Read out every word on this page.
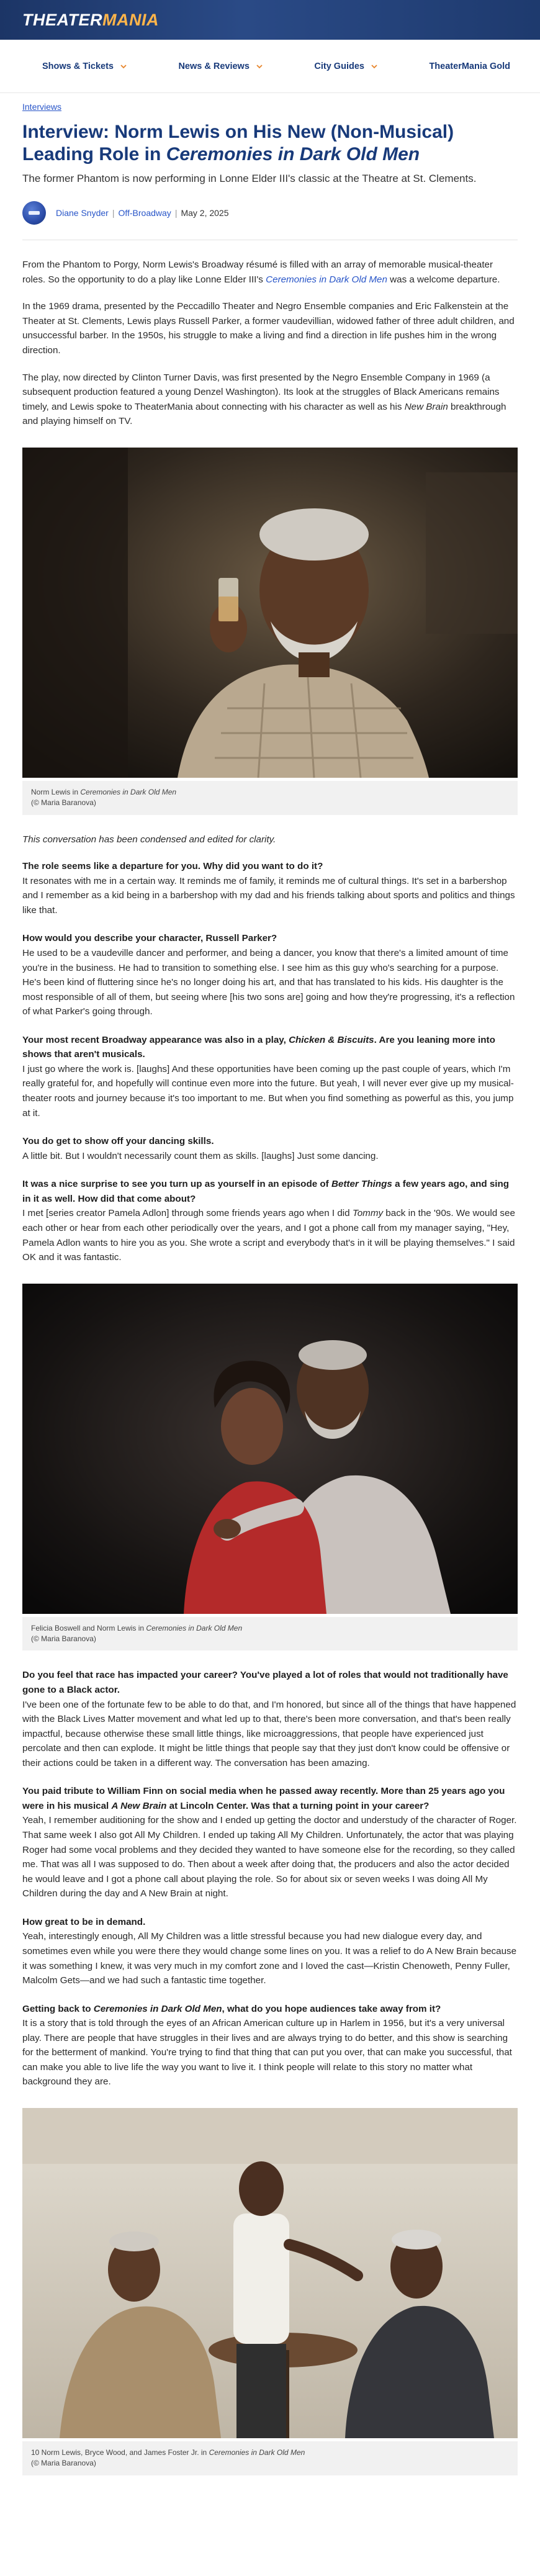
THEATERMANIA
Shows & Tickets	News & Reviews	City Guides	TheaterMania Gold
Interviews
Interview: Norm Lewis on His New (Non-Musical) Leading Role in Ceremonies in Dark Old Men

The former Phantom is now performing in Lonne Elder III's classic at the Theatre at St. Clements.

Diane Snyder | Off-Broadway | May 2, 2025

From the Phantom to Porgy, Norm Lewis's Broadway résumé is filled with an array of memorable musical-theater roles. So the opportunity to do a play like Lonne Elder III's Ceremonies in Dark Old Men was a welcome departure.

In the 1969 drama, presented by the Peccadillo Theater and Negro Ensemble companies and Eric Falkenstein at the Theater at St. Clements, Lewis plays Russell Parker, a former vaudevillian, widowed father of three adult children, and unsuccessful barber. In the 1950s, his struggle to make a living and find a direction in life pushes him in the wrong direction.

The play, now directed by Clinton Turner Davis, was first presented by the Negro Ensemble Company in 1969 (a subsequent production featured a young Denzel Washington). Its look at the struggles of Black Americans remains timely, and Lewis spoke to TheaterMania about connecting with his character as well as his New Brain breakthrough and playing himself on TV.

Norm Lewis in Ceremonies in Dark Old Men
(© Maria Baranova)

This conversation has been condensed and edited for clarity.

The role seems like a departure for you. Why did you want to do it?

It resonates with me in a certain way. It reminds me of family, it reminds me of cultural things. It's set in a barbershop and I remember as a kid being in a barbershop with my dad and his friends talking about sports and politics and things like that.

How would you describe your character, Russell Parker?

He used to be a vaudeville dancer and performer, and being a dancer, you know that there's a limited amount of time you're in the business. He had to transition to something else. I see him as this guy who's searching for a purpose. He's been kind of fluttering since he's no longer doing his art, and that has translated to his kids. His daughter is the most responsible of all of them, but seeing where [his two sons are] going and how they're progressing, it's a reflection of what Parker's going through.

Your most recent Broadway appearance was also in a play, Chicken & Biscuits. Are you leaning more into shows that aren't musicals.

I just go where the work is. [laughs] And these opportunities have been coming up the past couple of years, which I'm really grateful for, and hopefully will continue even more into the future. But yeah, I will never ever give up my musical-theater roots and journey because it's too important to me. But when you find something as powerful as this, you jump at it.

You do get to show off your dancing skills.

A little bit. But I wouldn't necessarily count them as skills. [laughs] Just some dancing.

It was a nice surprise to see you turn up as yourself in an episode of Better Things a few years ago, and sing in it as well. How did that come about?

I met [series creator Pamela Adlon] through some friends years ago when I did Tommy back in the '90s. We would see each other or hear from each other periodically over the years, and I got a phone call from my manager saying, "Hey, Pamela Adlon wants to hire you as you. She wrote a script and everybody that's in it will be playing themselves." I said OK and it was fantastic.

Felicia Boswell and Norm Lewis in Ceremonies in Dark Old Men
(© Maria Baranova)

Do you feel that race has impacted your career? You've played a lot of roles that would not traditionally have gone to a Black actor.

I've been one of the fortunate few to be able to do that, and I'm honored, but since all of the things that have happened with the Black Lives Matter movement and what led up to that, there's been more conversation, and that's been really impactful, because otherwise these small little things, like microaggressions, that people have experienced just percolate and then can explode. It might be little things that people say that they just don't know could be offensive or their actions could be taken in a different way. The conversation has been amazing.

You paid tribute to William Finn on social media when he passed away recently. More than 25 years ago you were in his musical A New Brain at Lincoln Center. Was that a turning point in your career?

Yeah, I remember auditioning for the show and I ended up getting the doctor and understudy of the character of Roger. That same week I also got All My Children. I ended up taking All My Children. Unfortunately, the actor that was playing Roger had some vocal problems and they decided they wanted to have someone else for the recording, so they called me. That was all I was supposed to do. Then about a week after doing that, the producers and also the actor decided he would leave and I got a phone call about playing the role. So for about six or seven weeks I was doing All My Children during the day and A New Brain at night.

How great to be in demand.

Yeah, interestingly enough, All My Children was a little stressful because you had new dialogue every day, and sometimes even while you were there they would change some lines on you. It was a relief to do A New Brain because it was something I knew, it was very much in my comfort zone and I loved the cast—Kristin Chenoweth, Penny Fuller, Malcolm Gets—and we had such a fantastic time together.

Getting back to Ceremonies in Dark Old Men, what do you hope audiences take away from it?

It is a story that is told through the eyes of an African American culture up in Harlem in 1956, but it's a very universal play. There are people that have struggles in their lives and are always trying to do better, and this show is searching for the betterment of mankind. You're trying to find that thing that can put you over, that can make you successful, that can make you able to live life the way you want to live it. I think people will relate to this story no matter what background they are.

10 Norm Lewis, Bryce Wood, and James Foster Jr. in Ceremonies in Dark Old Men
(© Maria Baranova)
